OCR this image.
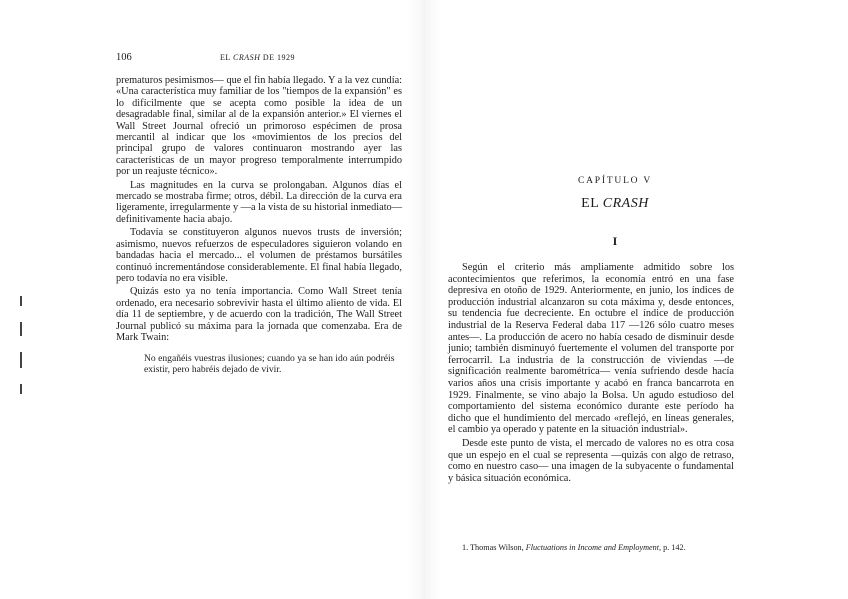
106	EL CRASH DE 1929

prematuros pesimismos— que el fin había llegado. Y a la vez cundía: «Una característica muy familiar de los "tiempos de la expansión" es lo difícilmente que se acepta como posible la idea de un desagradable final, similar al de la expansión anterior.» El viernes el Wall Street Journal ofreció un primoroso espécimen de prosa mercantil al indicar que los «movimientos de los precios del principal grupo de valores continuaron mostrando ayer las características de un mayor progreso temporalmente interrumpido por un reajuste técnico».

Las magnitudes en la curva se prolongaban. Algunos días el mercado se mostraba firme; otros, débil. La dirección de la curva era ligeramente, irregularmente y —a la vista de su historial inmediato— definitivamente hacia abajo.

Todavía se constituyeron algunos nuevos trusts de inversión; asimismo, nuevos refuerzos de especuladores siguieron volando en bandadas hacia el mercado... el volumen de préstamos bursátiles continuó incrementándose considerablemente. El final había llegado, pero todavía no era visible.

Quizás esto ya no tenía importancia. Como Wall Street tenía ordenado, era necesario sobrevivir hasta el último aliento de vida. El día 11 de septiembre, y de acuerdo con la tradición, The Wall Street Journal publicó su máxima para la jornada que comenzaba. Era de Mark Twain:

No engañéis vuestras ilusiones; cuando ya se han ido aún podréis existir, pero habréis dejado de vivir.

CAPÍTULO V
EL CRASH
I

Según el criterio más ampliamente admitido sobre los acontecimientos que referimos, la economía entró en una fase depresiva en otoño de 1929. Anteriormente, en junio, los índices de producción industrial alcanzaron su cota máxima y, desde entonces, su tendencia fue decreciente. En octubre el índice de producción industrial de la Reserva Federal daba 117 —126 sólo cuatro meses antes—. La producción de acero no había cesado de disminuir desde junio; también disminuyó fuertemente el volumen del transporte por ferrocarril. La industria de la construcción de viviendas —de significación realmente barométrica— venía sufriendo desde hacía varios años una crisis importante y acabó en franca bancarrota en 1929. Finalmente, se vino abajo la Bolsa. Un agudo estudioso del comportamiento del sistema económico durante este período ha dicho que el hundimiento del mercado «reflejó, en líneas generales, el cambio ya operado y patente en la situación industrial».

Desde este punto de vista, el mercado de valores no es otra cosa que un espejo en el cual se representa —quizás con algo de retraso, como en nuestro caso— una imagen de la subyacente o fundamental y básica situación económica.

1. Thomas Wilson, Fluctuations in Income and Employment, p. 142.
